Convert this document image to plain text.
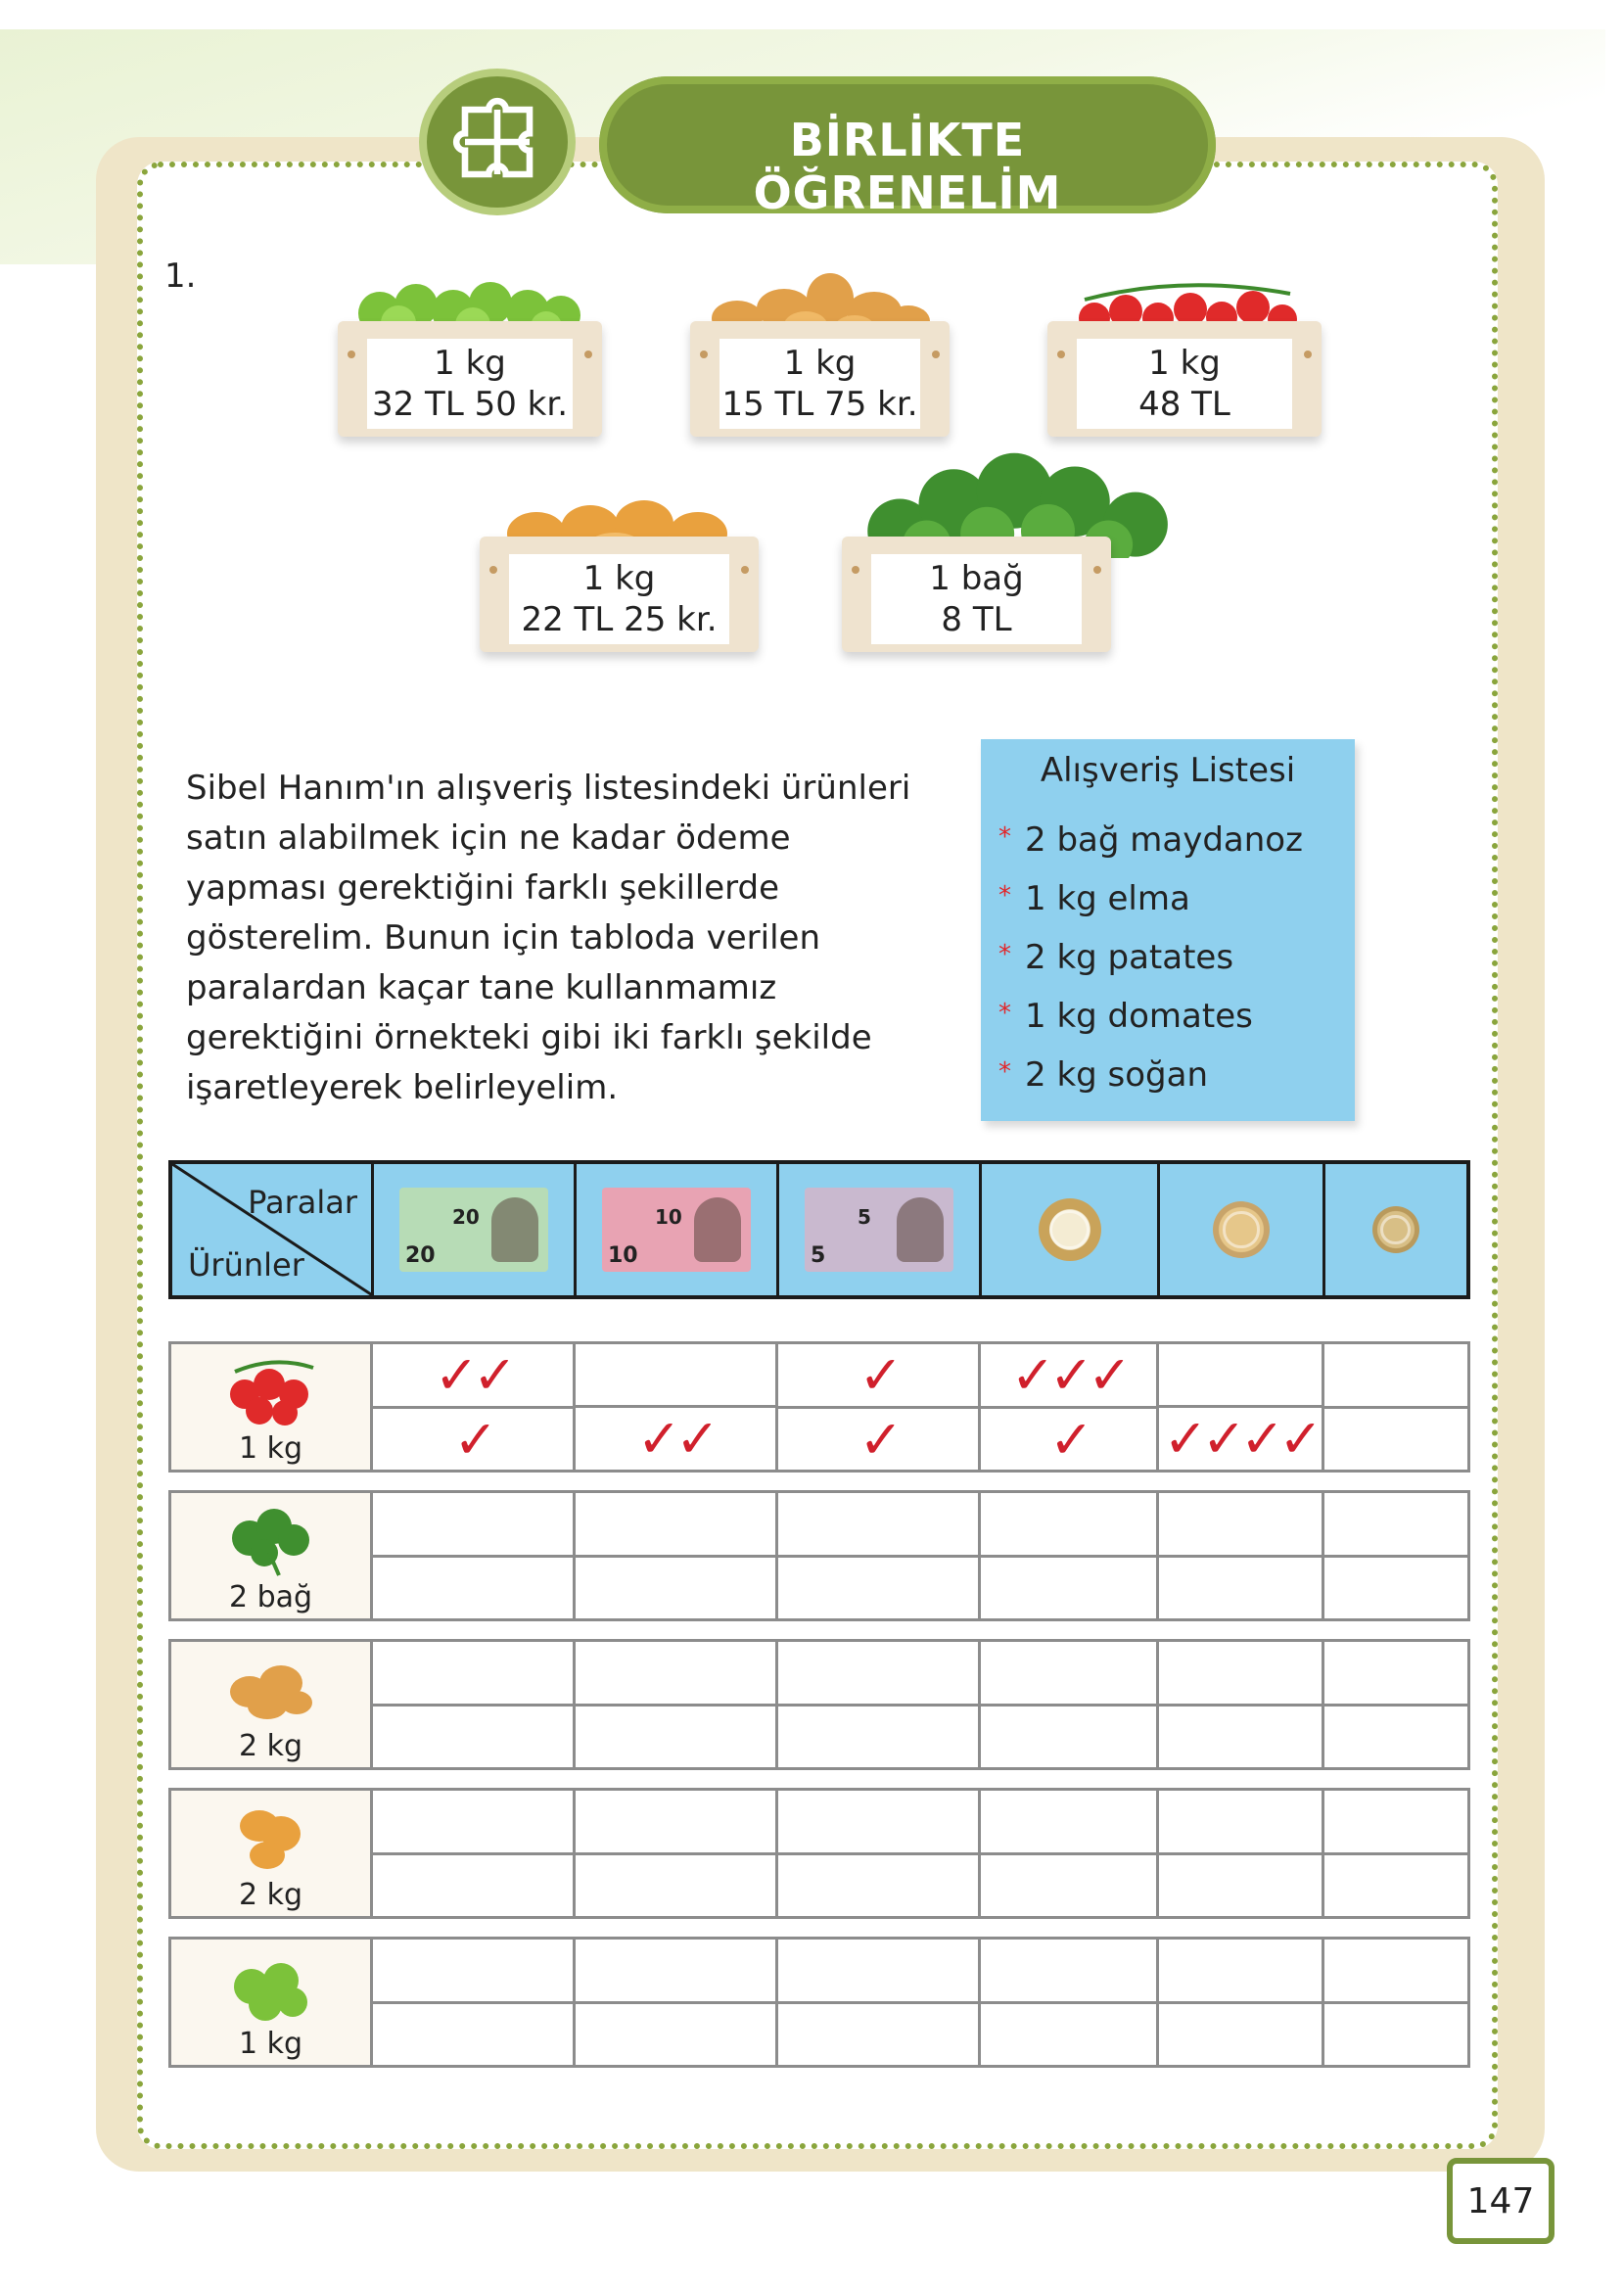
BİRLİKTE ÖĞRENELİM
1.
1 kg
32 TL 50 kr.
1 kg
15 TL 75 kr.
1 kg
48 TL
1 kg
22 TL 25 kr.
1 bağ
8 TL
Sibel Hanım'ın alışveriş listesindeki ürünleri satın alabilmek için ne kadar ödeme yapması gerektiğini farklı şekillerde gösterelim. Bunun için tabloda verilen paralardan kaçar tane kullanmamız gerektiğini örnekteki gibi iki farklı şekilde işaretleyerek belirleyelim.
Alışveriş Listesi
* 2 bağ maydanoz
* 1 kg elma
* 2 kg patates
* 1 kg domates
* 2 kg soğan
Paralar
Ürünler
20
20
10
10
5
5
1 kg
✓✓
✓	✓✓
✓
✓
✓✓✓
✓	✓✓✓✓
2 bağ
2 kg
2 kg
1 kg
147
